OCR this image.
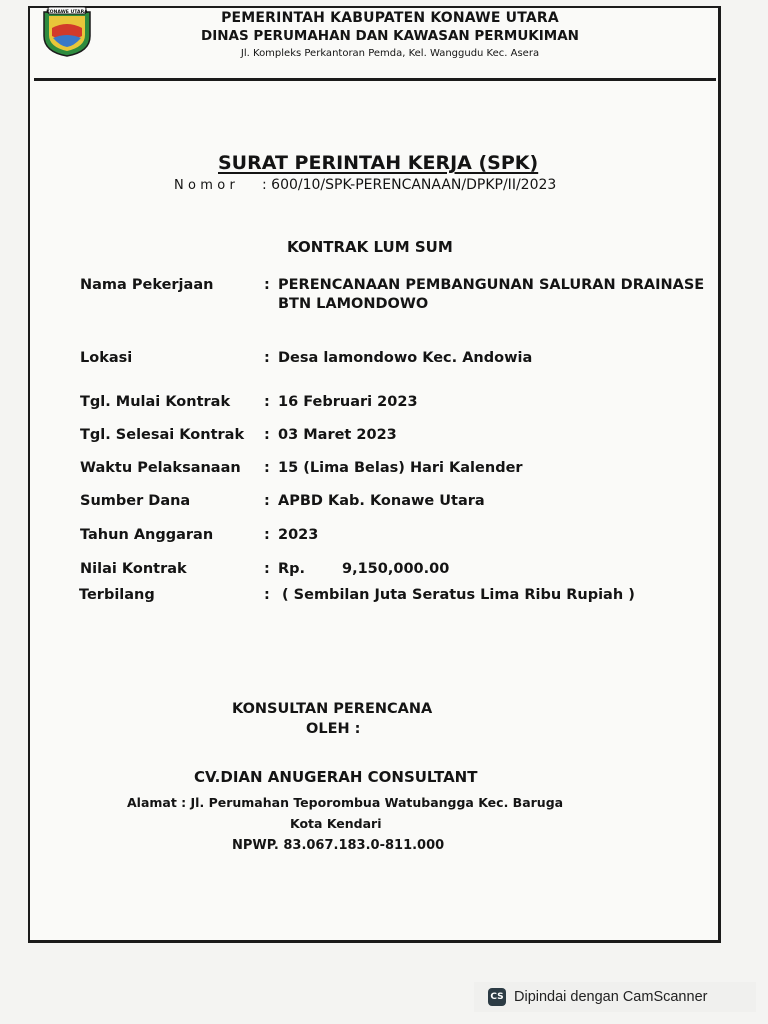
KONAWE UTARA	PEMERINTAH KABUPATEN KONAWE UTARA
DINAS PERUMAHAN DAN KAWASAN PERMUKIMAN
Jl. Kompleks Perkantoran Pemda, Kel. Wanggudu Kec. Asera
SURAT PERINTAH KERJA (SPK)
Nomor : 600/10/SPK-PERENCANAAN/DPKP/II/2023
KONTRAK LUM SUM
Nama Pekerjaan	: PERENCANAAN PEMBANGUNAN SALURAN DRAINASE
BTN LAMONDOWO
Lokasi	: Desa lamondowo Kec. Andowia
Tgl. Mulai Kontrak : 16 Februari 2023
Tgl. Selesai Kontrak : 03 Maret 2023
Waktu Pelaksanaan : 15 (Lima Belas) Hari Kalender
Sumber Dana	: APBD Kab. Konawe Utara
Tahun Anggaran	: 2023
Nilai Kontrak	: Rp.	9,150,000.00
Terbilang	: ( Sembilan Juta Seratus Lima Ribu Rupiah )
KONSULTAN PERENCANA
OLEH :
CV.DIAN ANUGERAH CONSULTANT
Alamat : Jl. Perumahan Teporombua Watubangga Kec. Baruga
Kota Kendari
NPWP. 83.067.183.0-811.000
CS Dipindai dengan CamScanner
